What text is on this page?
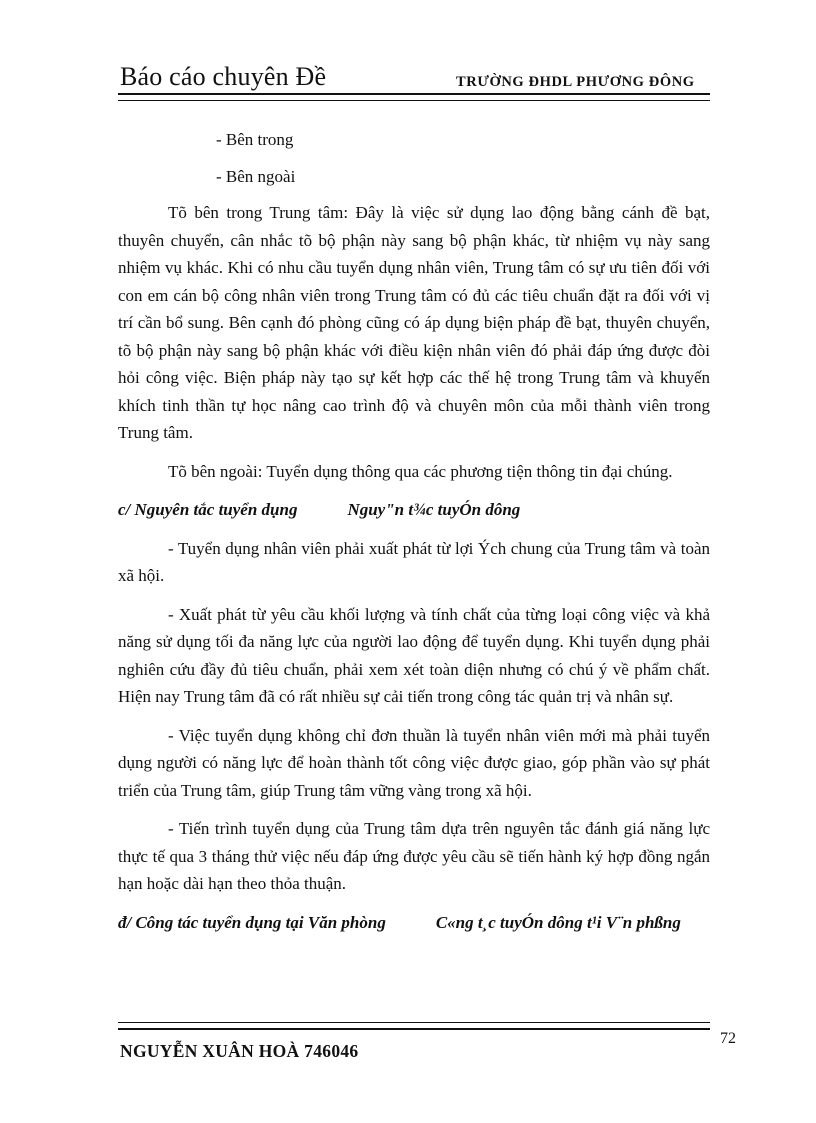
Báo cáo chuyên Đề	TRƯỜNG ĐHDL PHƯƠNG ĐÔNG

- Bên trong

- Bên ngoài

Tõ bên trong Trung tâm: Đây là việc sử dụng lao động bằng cánh đề bạt, thuyên chuyển, cân nhắc tõ bộ phận này sang bộ phận khác, từ nhiệm vụ này sang nhiệm vụ khác. Khi có nhu cầu tuyển dụng nhân viên, Trung tâm có sự ưu tiên đối với con em cán bộ công nhân viên trong Trung tâm có đủ các tiêu chuẩn đặt ra đối với vị trí cần bổ sung. Bên cạnh đó phòng cũng có áp dụng biện pháp đề bạt, thuyên chuyển, tõ bộ phận này sang bộ phận khác với điều kiện nhân viên đó phải đáp ứng được đòi hỏi công việc. Biện pháp này tạo sự kết hợp các thế hệ trong Trung tâm và khuyến khích tinh thần tự học nâng cao trình độ và chuyên môn của mỗi thành viên trong Trung tâm.

Tõ bên ngoài: Tuyển dụng thông qua các phương tiện thông tin đại chúng.

c/ Nguyên tắc tuyển dụng	Nguy"n t¾c tuyÓn dông

- Tuyển dụng nhân viên phải xuất phát từ lợi Ých chung của Trung tâm và toàn xã hội.

- Xuất phát từ yêu cầu khối lượng và tính chất của từng loại công việc và khả năng sử dụng tối đa năng lực của người lao động để tuyển dụng. Khi tuyển dụng phải nghiên cứu đầy đủ tiêu chuẩn, phải xem xét toàn diện nhưng có chú ý về phẩm chất. Hiện nay Trung tâm đã có rất nhiều sự cải tiến trong công tác quản trị và nhân sự.

- Việc tuyển dụng không chỉ đơn thuần là tuyển nhân viên mới mà phải tuyển dụng người có năng lực để hoàn thành tốt công việc được giao, góp phần vào sự phát triển của Trung tâm, giúp Trung tâm vững vàng trong xã hội.

- Tiến trình tuyển dụng của Trung tâm dựa trên nguyên tắc đánh giá năng lực thực tế qua 3 tháng thử việc nếu đáp ứng được yêu cầu sẽ tiến hành ký hợp đồng ngắn hạn hoặc dài hạn theo thỏa thuận.

đ/ Công tác tuyển dụng tại Văn phòng	C«ng t¸c tuyÓn dông t¹i V¨n phßng

NGUYỄN XUÂN HOÀ 746046
72
